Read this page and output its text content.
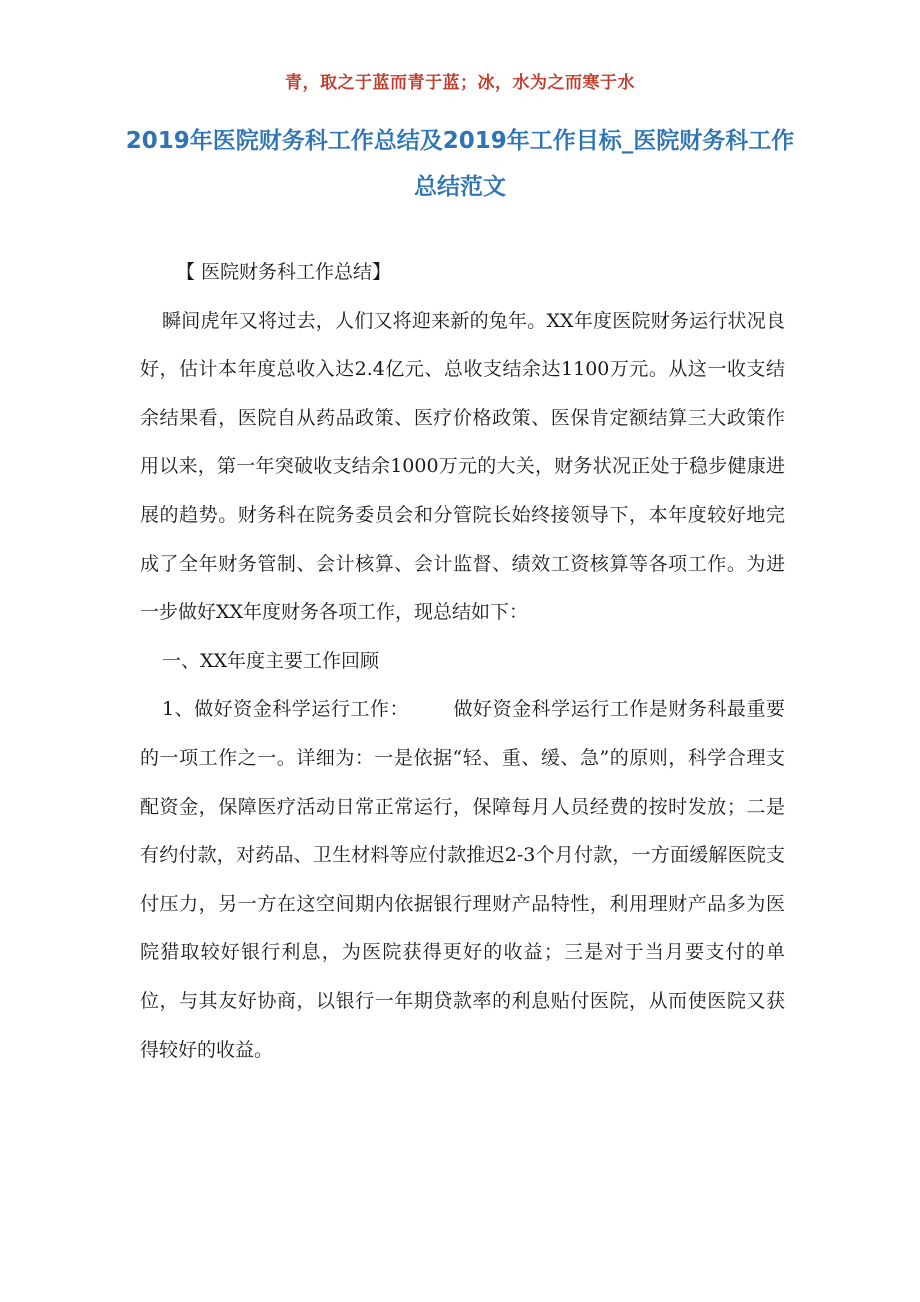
青，取之于蓝而青于蓝；冰，水为之而寒于水
2019年医院财务科工作总结及2019年工作目标_医院财务科工作总结范文

【 医院财务科工作总结】

瞬间虎年又将过去，人们又将迎来新的兔年。XX年度医院财务运行状况良好，估计本年度总收入达2.4亿元、总收支结余达1100万元。从这一收支结余结果看，医院自从药品政策、医疗价格政策、医保肯定额结算三大政策作用以来，第一年突破收支结余1000万元的大关，财务状况正处于稳步健康进展的趋势。财务科在院务委员会和分管院长始终接领导下，本年度较好地完成了全年财务管制、会计核算、会计监督、绩效工资核算等各项工作。为进一步做好XX年度财务各项工作，现总结如下：

一、XX年度主要工作回顾

1、做好资金科学运行工作： 做好资金科学运行工作是财务科最重要的一项工作之一。详细为：一是依据“轻、重、缓、急”的原则，科学合理支配资金，保障医疗活动日常正常运行，保障每月人员经费的按时发放；二是有约付款，对药品、卫生材料等应付款推迟2-3个月付款，一方面缓解医院支付压力，另一方在这空间期内依据银行理财产品特性，利用理财产品多为医院猎取较好银行利息，为医院获得更好的收益；三是对于当月要支付的单位，与其友好协商，以银行一年期贷款率的利息贴付医院，从而使医院又获得较好的收益。
